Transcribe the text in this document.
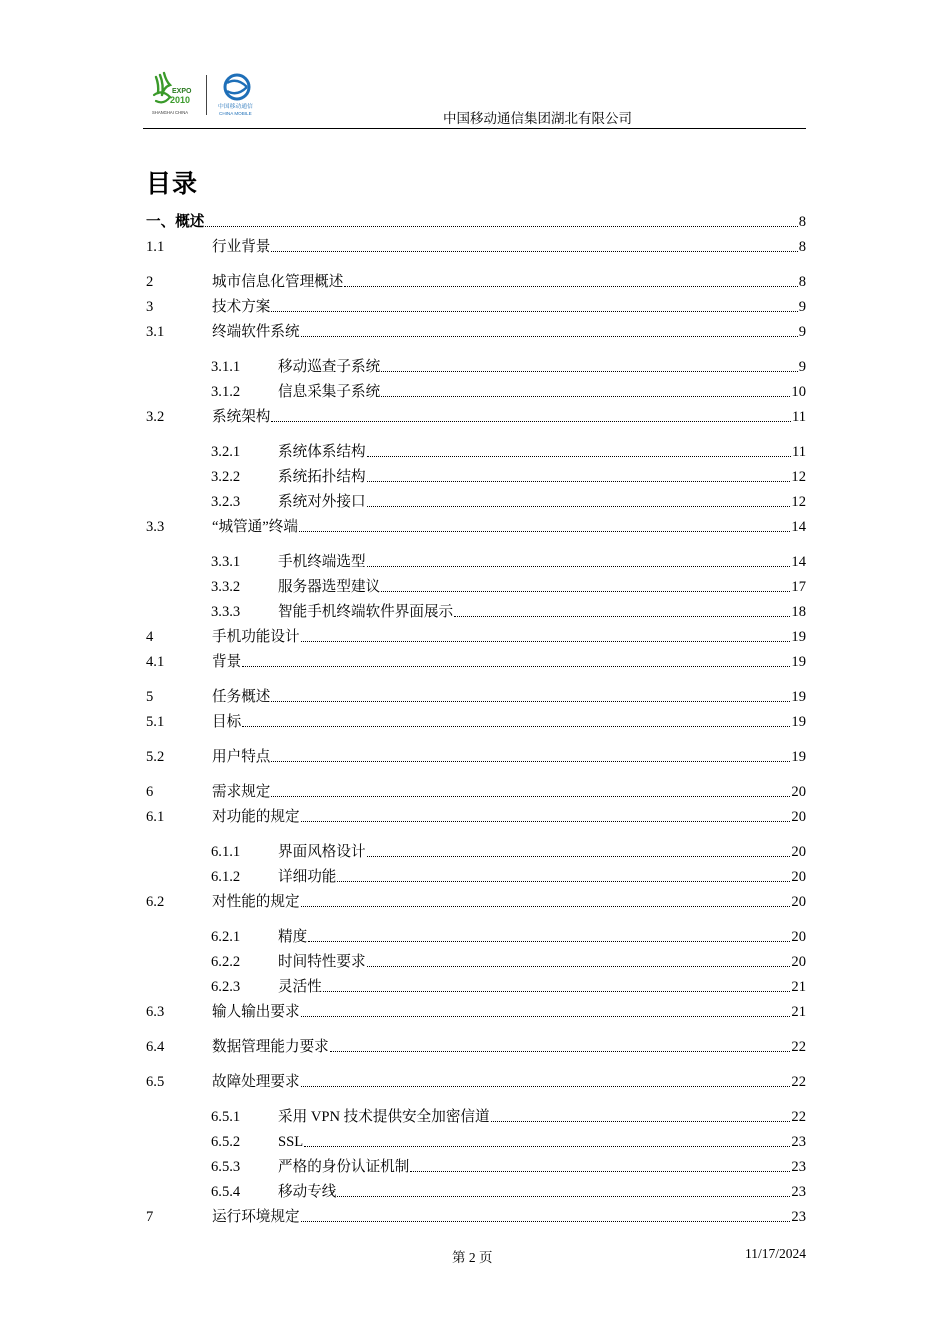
EXPO
2010
SHANGHAI CHINA
中国移动通信
CHINA MOBILE	中国移动通信集团湖北有限公司
目录
一、概述	8
1.1	行业背景	8
2	城市信息化管理概述	8
3	技术方案	9
3.1	终端软件系统	9
3.1.1	移动巡查子系统	9
3.1.2	信息采集子系统	10
3.2	系统架构	11
3.2.1	系统体系结构	11
3.2.2	系统拓扑结构	12
3.2.3	系统对外接口	12
3.3	“城管通”终端	14
3.3.1	手机终端选型	14
3.3.2	服务器选型建议	17
3.3.3	智能手机终端软件界面展示	18
4	手机功能设计	19
4.1	背景	19
5	任务概述	19
5.1	目标	19
5.2	用户特点	19
6	需求规定	20
6.1	对功能的规定	20
6.1.1	界面风格设计	20
6.1.2	详细功能	20
6.2	对性能的规定	20
6.2.1	精度	20
6.2.2	时间特性要求	20
6.2.3	灵活性	21
6.3	输人输出要求	21
6.4	数据管理能力要求	22
6.5	故障处理要求	22
6.5.1	采用 VPN 技术提供安全加密信道	22
6.5.2	SSL	23
6.5.3	严格的身份认证机制	23
6.5.4	移动专线	23
7	运行环境规定	23
第 2 页	11/17/2024
